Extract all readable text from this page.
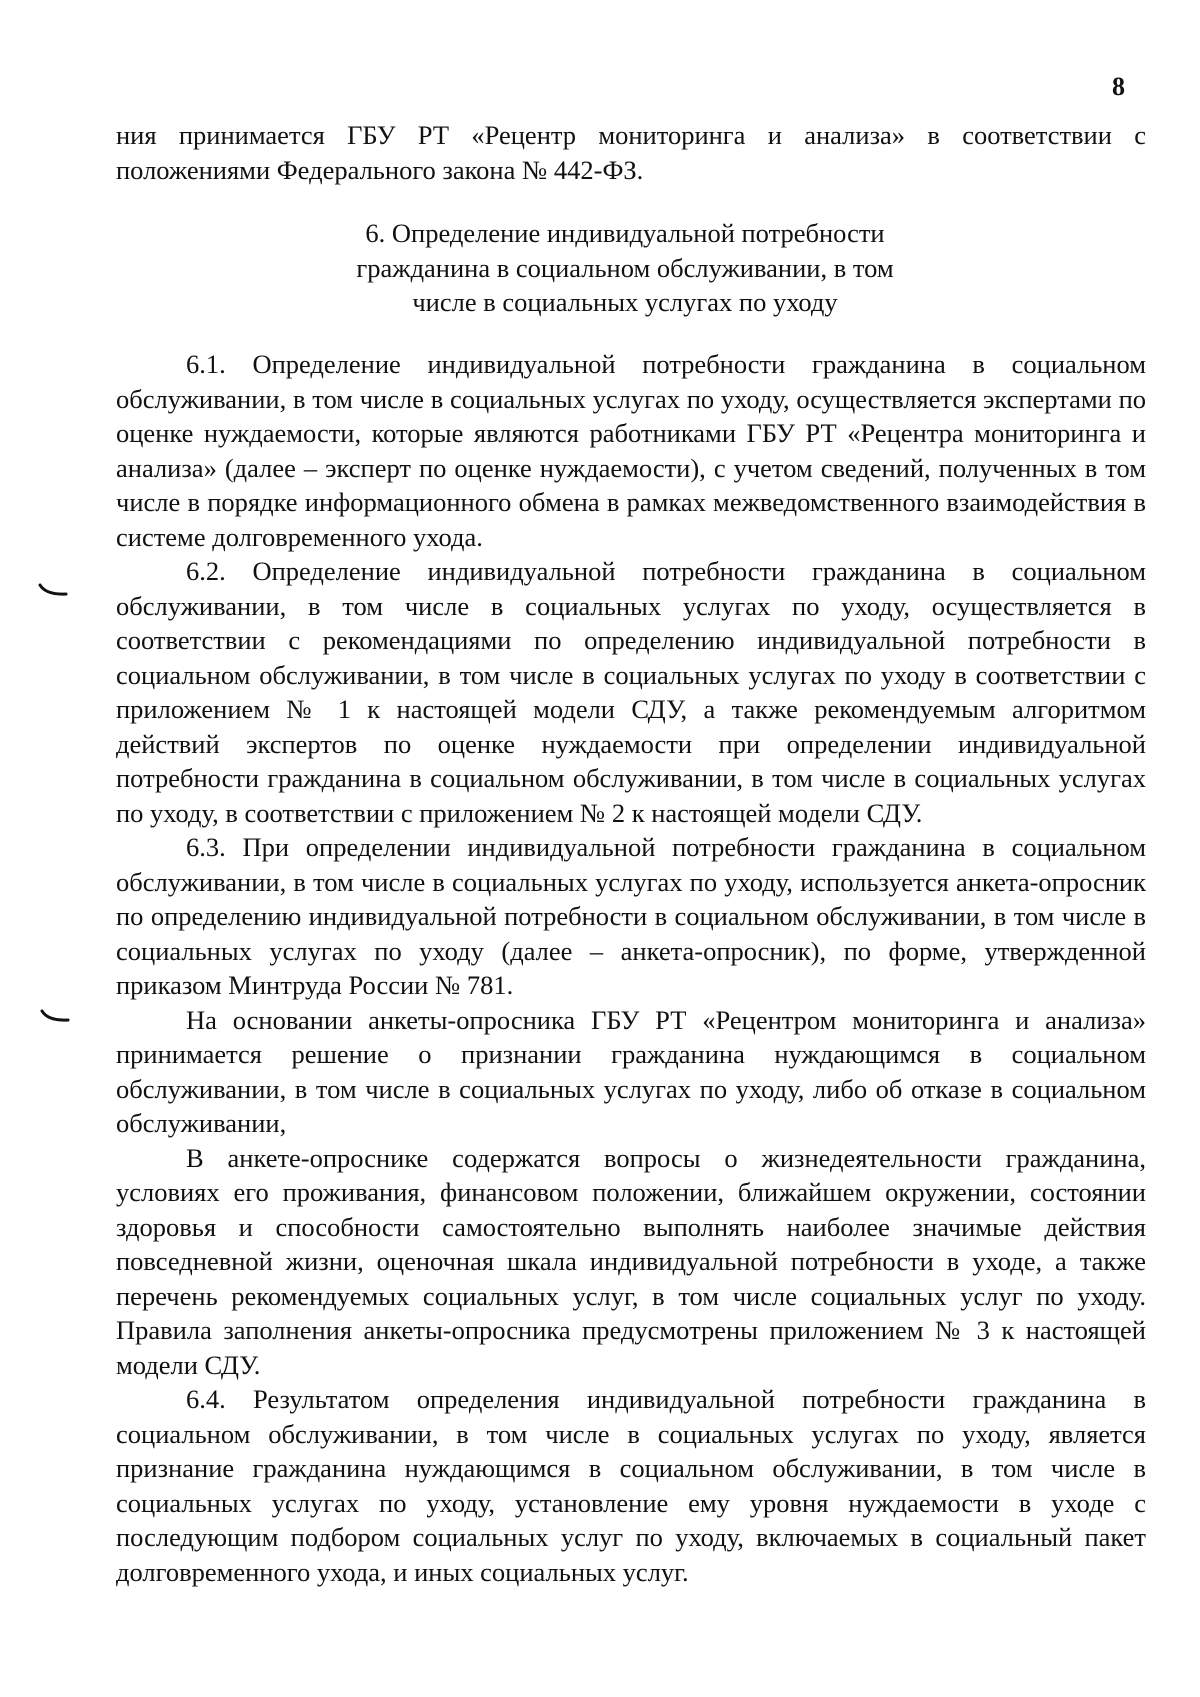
8

ния принимается ГБУ РТ «Рецентр мониторинга и анализа» в соответствии с положениями Федерального закона № 442-ФЗ.

6. Определение индивидуальной потребности
гражданина в социальном обслуживании, в том
числе в социальных услугах по уходу

6.1. Определение индивидуальной потребности гражданина в социальном обслуживании, в том числе в социальных услугах по уходу, осуществляется экспертами по оценке нуждаемости, которые являются работниками ГБУ РТ «Рецентра мониторинга и анализа» (далее – эксперт по оценке нуждаемости), с учетом сведений, полученных в том числе в порядке информационного обмена в рамках межведомственного взаимодействия в системе долговременного ухода.

6.2. Определение индивидуальной потребности гражданина в социальном обслуживании, в том числе в социальных услугах по уходу, осуществляется в соответствии с рекомендациями по определению индивидуальной потребности в социальном обслуживании, в том числе в социальных услугах по уходу в соответствии с приложением № 1 к настоящей модели СДУ, а также рекомендуемым алгоритмом действий экспертов по оценке нуждаемости при определении индивидуальной потребности гражданина в социальном обслуживании, в том числе в социальных услугах по уходу, в соответствии с приложением № 2 к настоящей модели СДУ.

6.3. При определении индивидуальной потребности гражданина в социальном обслуживании, в том числе в социальных услугах по уходу, используется анкета-опросник по определению индивидуальной потребности в социальном обслуживании, в том числе в социальных услугах по уходу (далее – анкета-опросник), по форме, утвержденной приказом Минтруда России № 781.

На основании анкеты-опросника ГБУ РТ «Рецентром мониторинга и анализа» принимается решение о признании гражданина нуждающимся в социальном обслуживании, в том числе в социальных услугах по уходу, либо об отказе в социальном обслуживании,

В анкете-опроснике содержатся вопросы о жизнедеятельности гражданина, условиях его проживания, финансовом положении, ближайшем окружении, состоянии здоровья и способности самостоятельно выполнять наиболее значимые действия повседневной жизни, оценочная шкала индивидуальной потребности в уходе, а также перечень рекомендуемых социальных услуг, в том числе социальных услуг по уходу. Правила заполнения анкеты-опросника предусмотрены приложением № 3 к настоящей модели СДУ.

6.4. Результатом определения индивидуальной потребности гражданина в социальном обслуживании, в том числе в социальных услугах по уходу, является признание гражданина нуждающимся в социальном обслуживании, в том числе в социальных услугах по уходу, установление ему уровня нуждаемости в уходе с последующим подбором социальных услуг по уходу, включаемых в социальный пакет долговременного ухода, и иных социальных услуг.
